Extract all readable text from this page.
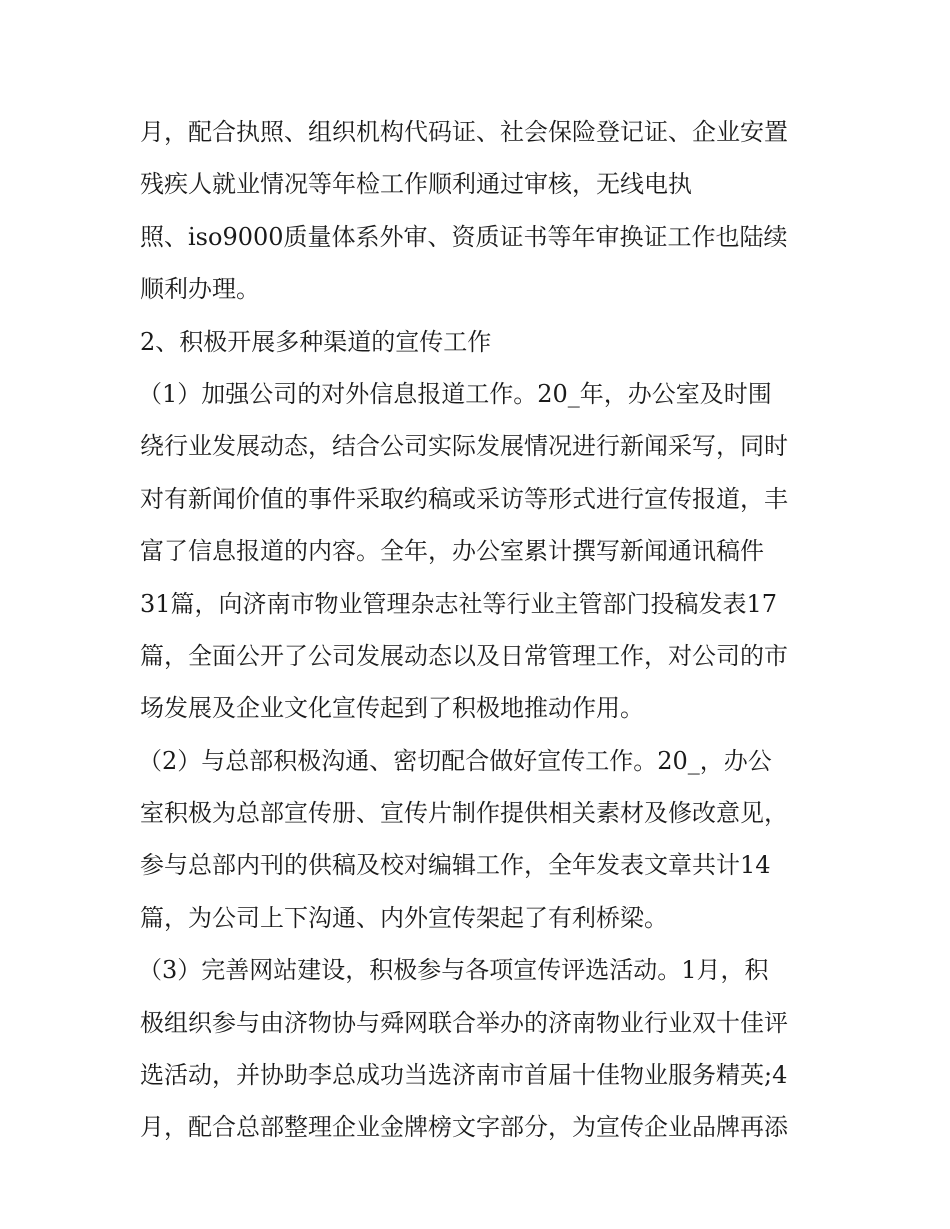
月，配合执照、组织机构代码证、社会保险登记证、企业安置
残疾人就业情况等年检工作顺利通过审核，无线电执
照、iso9000质量体系外审、资质证书等年审换证工作也陆续
顺利办理。
2、积极开展多种渠道的宣传工作
（1）加强公司的对外信息报道工作。20_年，办公室及时围
绕行业发展动态，结合公司实际发展情况进行新闻采写，同时
对有新闻价值的事件采取约稿或采访等形式进行宣传报道，丰
富了信息报道的内容。全年，办公室累计撰写新闻通讯稿件
31篇，向济南市物业管理杂志社等行业主管部门投稿发表17
篇，全面公开了公司发展动态以及日常管理工作，对公司的市
场发展及企业文化宣传起到了积极地推动作用。
（2）与总部积极沟通、密切配合做好宣传工作。20_，办公
室积极为总部宣传册、宣传片制作提供相关素材及修改意见，
参与总部内刊的供稿及校对编辑工作，全年发表文章共计14
篇，为公司上下沟通、内外宣传架起了有利桥梁。
（3）完善网站建设，积极参与各项宣传评选活动。1月，积
极组织参与由济物协与舜网联合举办的济南物业行业双十佳评
选活动，并协助李总成功当选济南市首届十佳物业服务精英;4
月，配合总部整理企业金牌榜文字部分，为宣传企业品牌再添
